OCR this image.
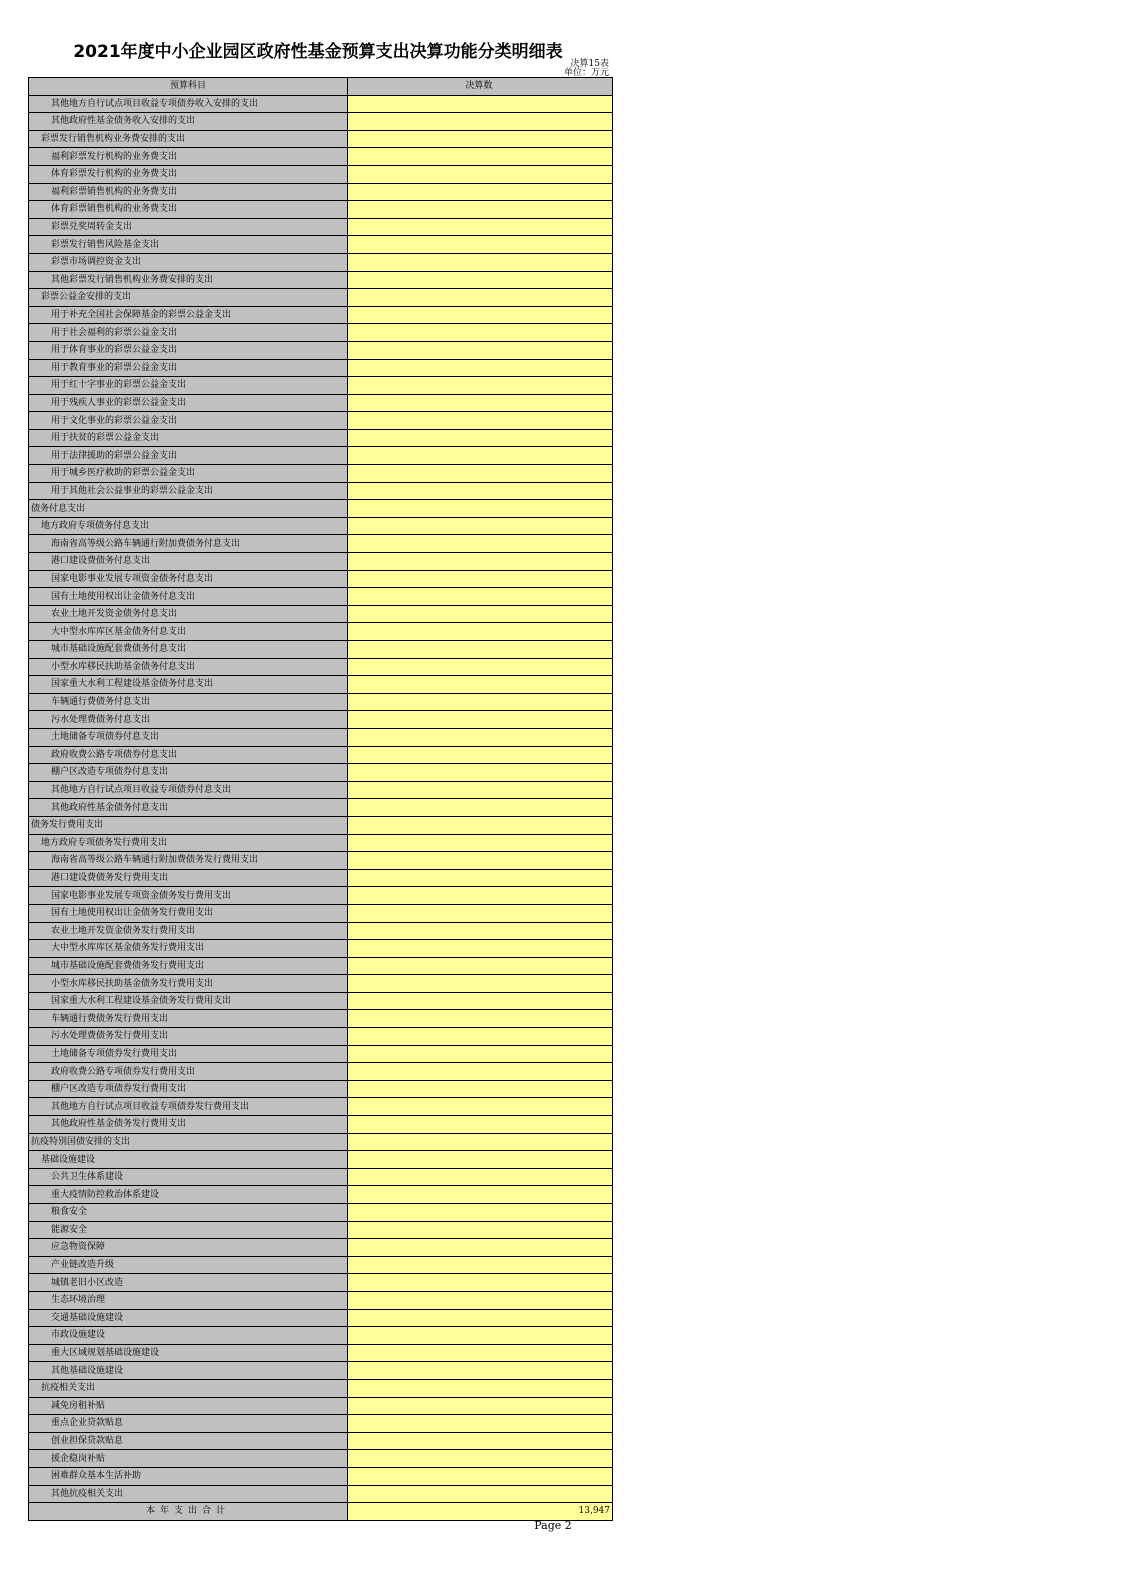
2021年度中小企业园区政府性基金预算支出决算功能分类明细表
决算15表
单位：万元
预算科目	决算数
其他地方自行试点项目收益专项债券收入安排的支出	
其他政府性基金债务收入安排的支出	
彩票发行销售机构业务费安排的支出	
福利彩票发行机构的业务费支出	
体育彩票发行机构的业务费支出	
福利彩票销售机构的业务费支出	
体育彩票销售机构的业务费支出	
彩票兑奖周转金支出	
彩票发行销售风险基金支出	
彩票市场调控资金支出	
其他彩票发行销售机构业务费安排的支出	
彩票公益金安排的支出	
用于补充全国社会保障基金的彩票公益金支出	
用于社会福利的彩票公益金支出	
用于体育事业的彩票公益金支出	
用于教育事业的彩票公益金支出	
用于红十字事业的彩票公益金支出	
用于残疾人事业的彩票公益金支出	
用于文化事业的彩票公益金支出	
用于扶贫的彩票公益金支出	
用于法律援助的彩票公益金支出	
用于城乡医疗救助的彩票公益金支出	
用于其他社会公益事业的彩票公益金支出	
债务付息支出	
地方政府专项债务付息支出	
海南省高等级公路车辆通行附加费债务付息支出	
港口建设费债务付息支出	
国家电影事业发展专项资金债务付息支出	
国有土地使用权出让金债务付息支出	
农业土地开发资金债务付息支出	
大中型水库库区基金债务付息支出	
城市基础设施配套费债务付息支出	
小型水库移民扶助基金债务付息支出	
国家重大水利工程建设基金债务付息支出	
车辆通行费债务付息支出	
污水处理费债务付息支出	
土地储备专项债券付息支出	
政府收费公路专项债券付息支出	
棚户区改造专项债券付息支出	
其他地方自行试点项目收益专项债券付息支出	
其他政府性基金债务付息支出	
债务发行费用支出	
地方政府专项债务发行费用支出	
海南省高等级公路车辆通行附加费债务发行费用支出	
港口建设费债务发行费用支出	
国家电影事业发展专项资金债务发行费用支出	
国有土地使用权出让金债务发行费用支出	
农业土地开发资金债务发行费用支出	
大中型水库库区基金债务发行费用支出	
城市基础设施配套费债务发行费用支出	
小型水库移民扶助基金债务发行费用支出	
国家重大水利工程建设基金债务发行费用支出	
车辆通行费债务发行费用支出	
污水处理费债务发行费用支出	
土地储备专项债券发行费用支出	
政府收费公路专项债券发行费用支出	
棚户区改造专项债券发行费用支出	
其他地方自行试点项目收益专项债券发行费用支出	
其他政府性基金债务发行费用支出	
抗疫特别国债安排的支出	
基础设施建设	
公共卫生体系建设	
重大疫情防控救治体系建设	
粮食安全	
能源安全	
应急物资保障	
产业链改造升级	
城镇老旧小区改造	
生态环境治理	
交通基础设施建设	
市政设施建设	
重大区域规划基础设施建设	
其他基础设施建设	
抗疫相关支出	
减免房租补贴	
重点企业贷款贴息	
创业担保贷款贴息	
援企稳岗补贴	
困难群众基本生活补助	
其他抗疫相关支出	
本年支出合计	13,947
Page 2
